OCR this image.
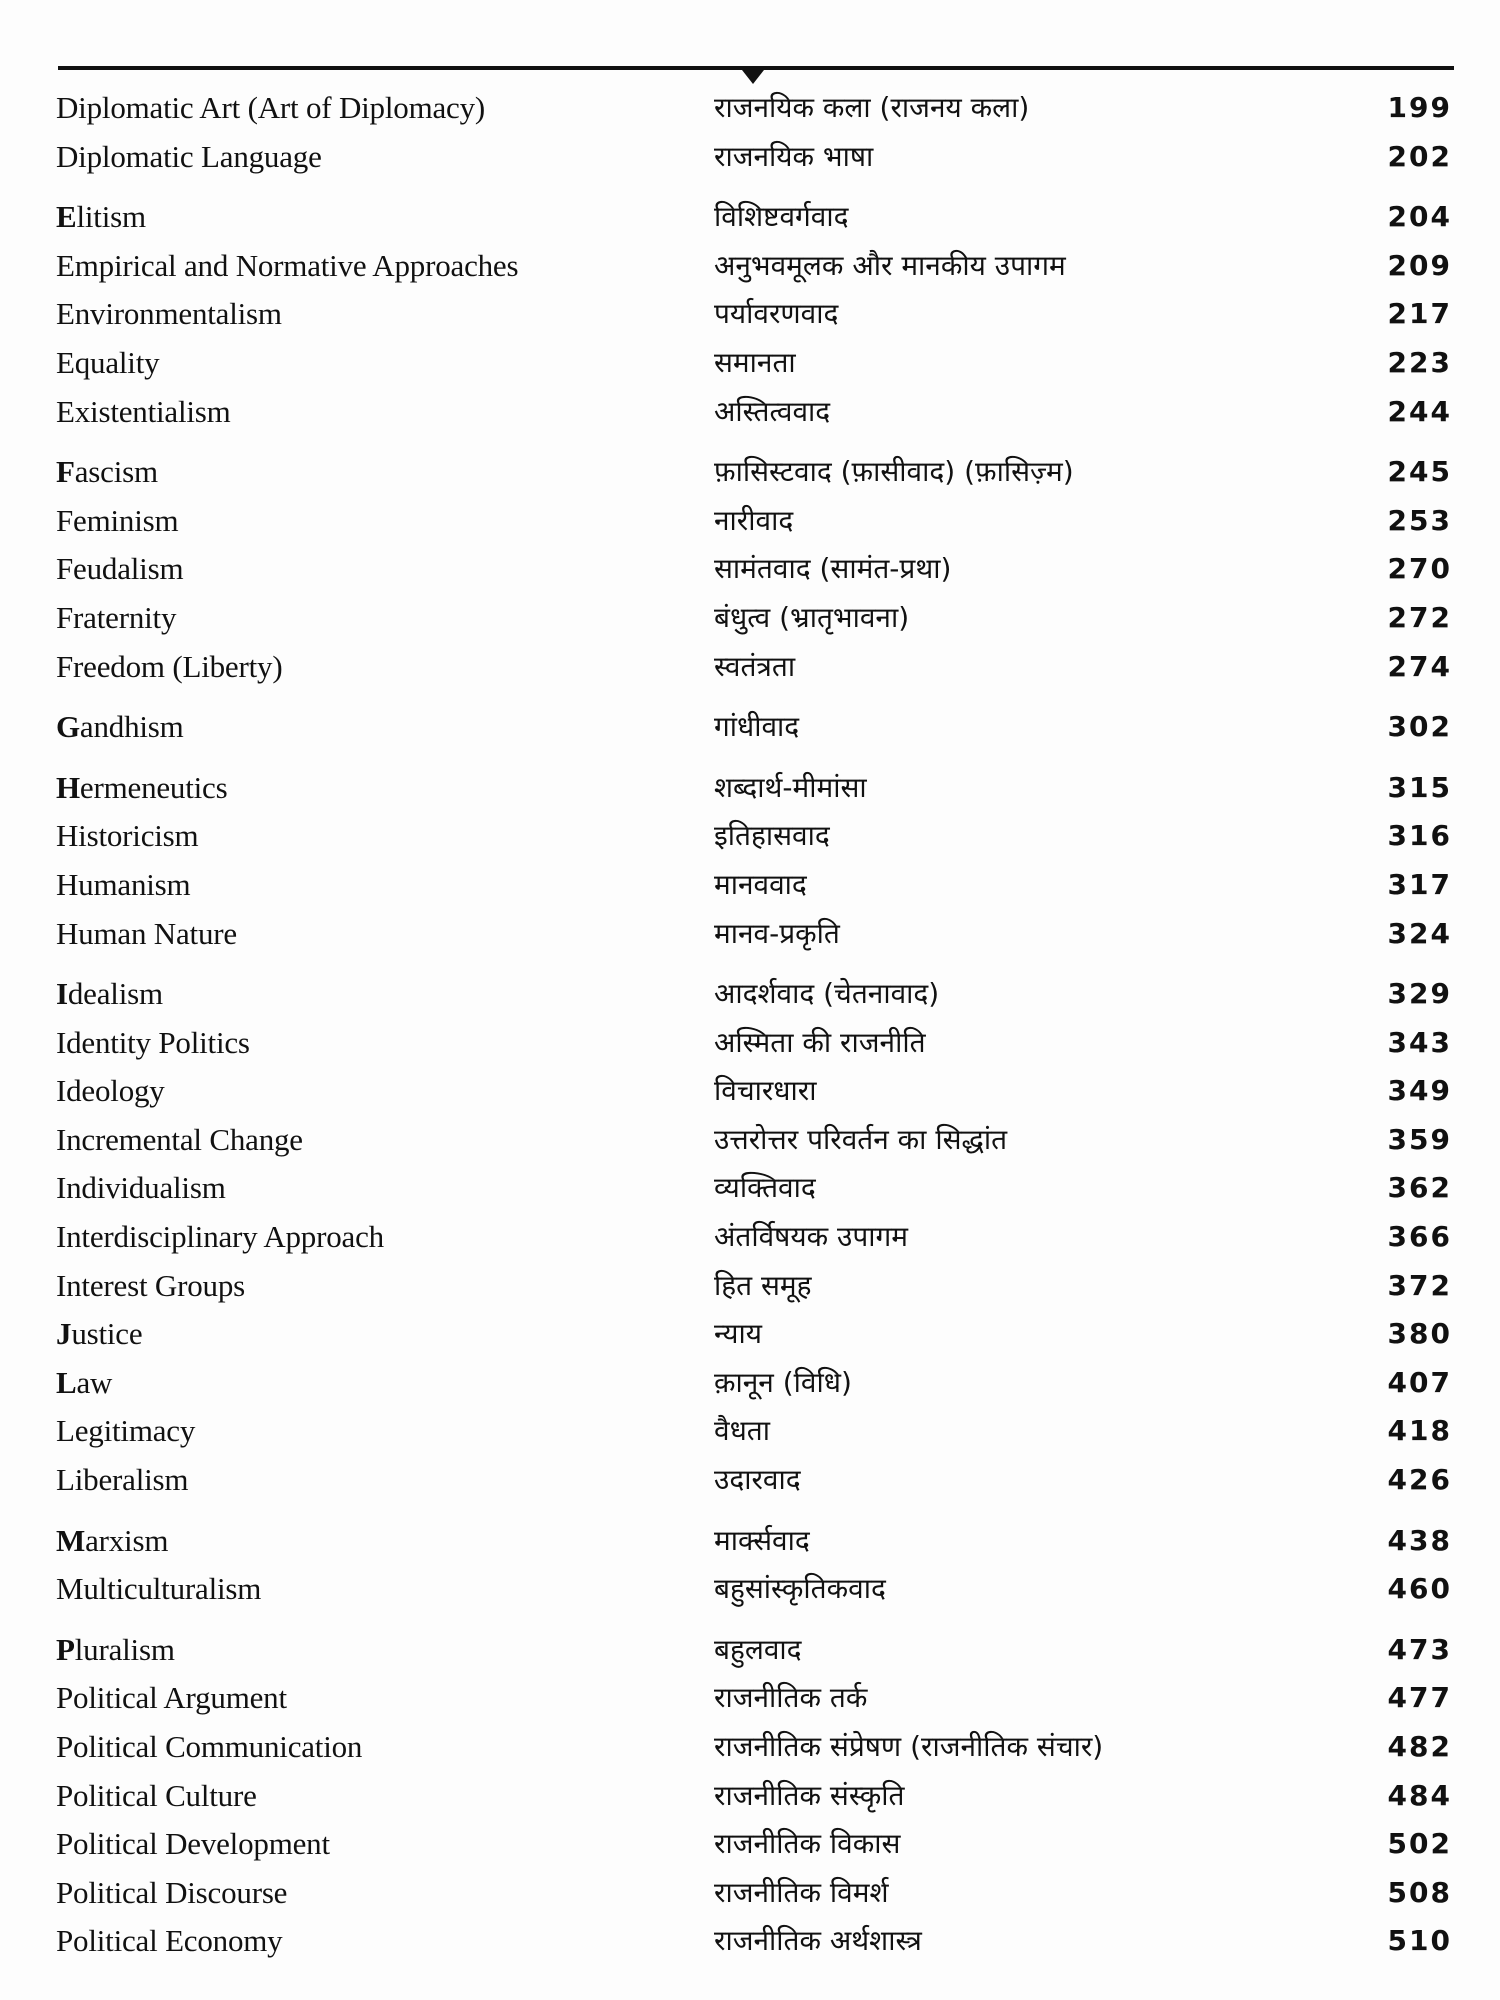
Diplomatic Art (Art of Diplomacy)	राजनयिक कला (राजनय कला)	199
Diplomatic Language	राजनयिक भाषा	202
Elitism	विशिष्टवर्गवाद	204
Empirical and Normative Approaches	अनुभवमूलक और मानकीय उपागम	209
Environmentalism	पर्यावरणवाद	217
Equality	समानता	223
Existentialism	अस्तित्ववाद	244
Fascism	फ़ासिस्टवाद (फ़ासीवाद) (फ़ासिज़्म)	245
Feminism	नारीवाद	253
Feudalism	सामंतवाद (सामंत-प्रथा)	270
Fraternity	बंधुत्व (भ्रातृभावना)	272
Freedom (Liberty)	स्वतंत्रता	274
Gandhism	गांधीवाद	302
Hermeneutics	शब्दार्थ-मीमांसा	315
Historicism	इतिहासवाद	316
Humanism	मानववाद	317
Human Nature	मानव-प्रकृति	324
Idealism	आदर्शवाद (चेतनावाद)	329
Identity Politics	अस्मिता की राजनीति	343
Ideology	विचारधारा	349
Incremental Change	उत्तरोत्तर परिवर्तन का सिद्धांत	359
Individualism	व्यक्तिवाद	362
Interdisciplinary Approach	अंतर्विषयक उपागम	366
Interest Groups	हित समूह	372
Justice	न्याय	380
Law	क़ानून (विधि)	407
Legitimacy	वैधता	418
Liberalism	उदारवाद	426
Marxism	मार्क्सवाद	438
Multiculturalism	बहुसांस्कृतिकवाद	460
Pluralism	बहुलवाद	473
Political Argument	राजनीतिक तर्क	477
Political Communication	राजनीतिक संप्रेषण (राजनीतिक संचार)	482
Political Culture	राजनीतिक संस्कृति	484
Political Development	राजनीतिक विकास	502
Political Discourse	राजनीतिक विमर्श	508
Political Economy	राजनीतिक अर्थशास्त्र	510
